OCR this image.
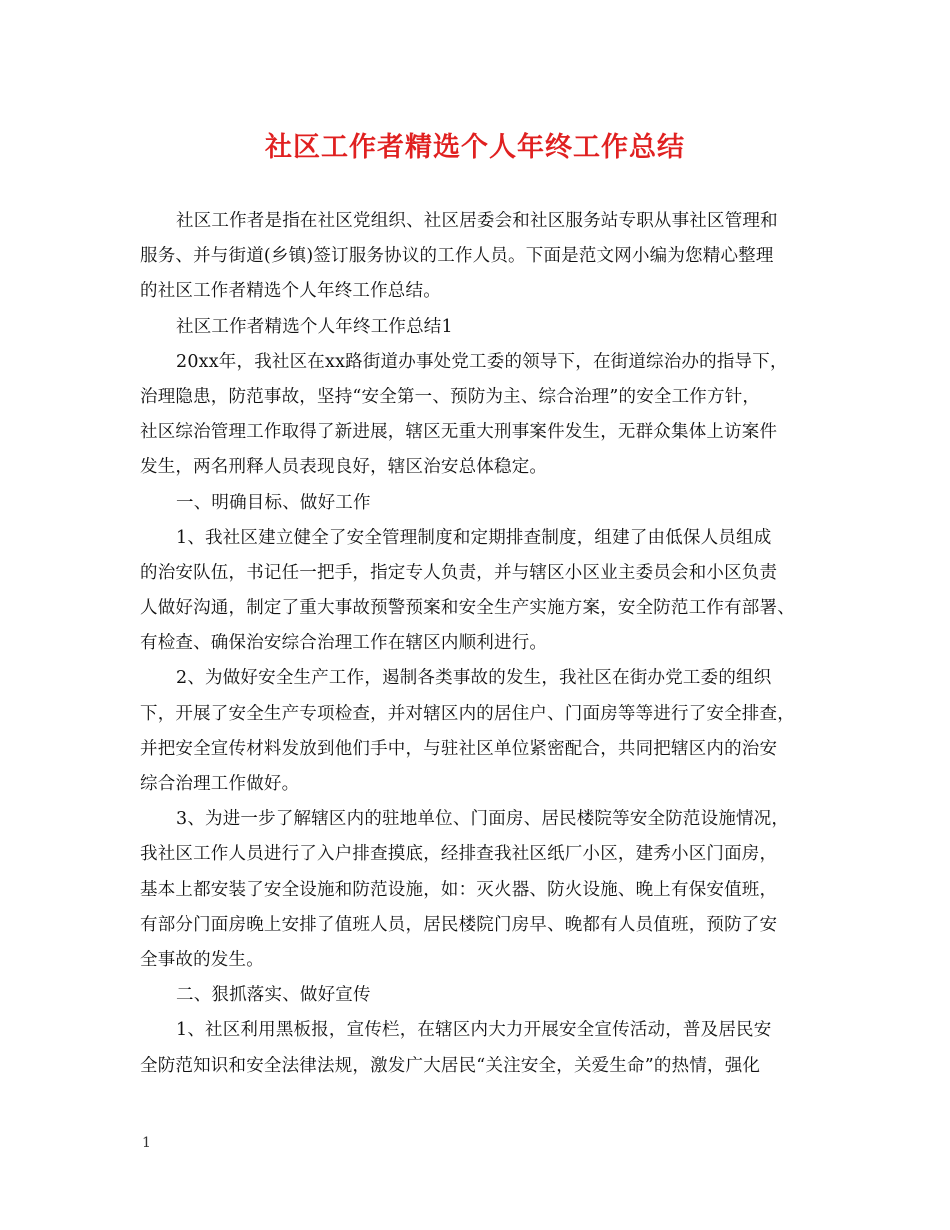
社区工作者精选个人年终工作总结
社区工作者是指在社区党组织、社区居委会和社区服务站专职从事社区管理和
服务、并与街道(乡镇)签订服务协议的工作人员。下面是范文网小编为您精心整理
的社区工作者精选个人年终工作总结。
社区工作者精选个人年终工作总结1
20xx年，我社区在xx路街道办事处党工委的领导下，在街道综治办的指导下，
治理隐患，防范事故，坚持“安全第一、预防为主、综合治理”的安全工作方针，
社区综治管理工作取得了新进展，辖区无重大刑事案件发生，无群众集体上访案件
发生，两名刑释人员表现良好，辖区治安总体稳定。
一、明确目标、做好工作
1、我社区建立健全了安全管理制度和定期排查制度，组建了由低保人员组成
的治安队伍，书记任一把手，指定专人负责，并与辖区小区业主委员会和小区负责
人做好沟通，制定了重大事故预警预案和安全生产实施方案，安全防范工作有部署、
有检查、确保治安综合治理工作在辖区内顺利进行。
2、为做好安全生产工作，遏制各类事故的发生，我社区在街办党工委的组织
下，开展了安全生产专项检查，并对辖区内的居住户、门面房等等进行了安全排查，
并把安全宣传材料发放到他们手中，与驻社区单位紧密配合，共同把辖区内的治安
综合治理工作做好。
3、为进一步了解辖区内的驻地单位、门面房、居民楼院等安全防范设施情况，
我社区工作人员进行了入户排查摸底，经排查我社区纸厂小区，建秀小区门面房，
基本上都安装了安全设施和防范设施，如：灭火器、防火设施、晚上有保安值班，
有部分门面房晚上安排了值班人员，居民楼院门房早、晚都有人员值班，预防了安
全事故的发生。
二、狠抓落实、做好宣传
1、社区利用黑板报，宣传栏，在辖区内大力开展安全宣传活动，普及居民安
全防范知识和安全法律法规，激发广大居民“关注安全，关爱生命”的热情，强化
1
